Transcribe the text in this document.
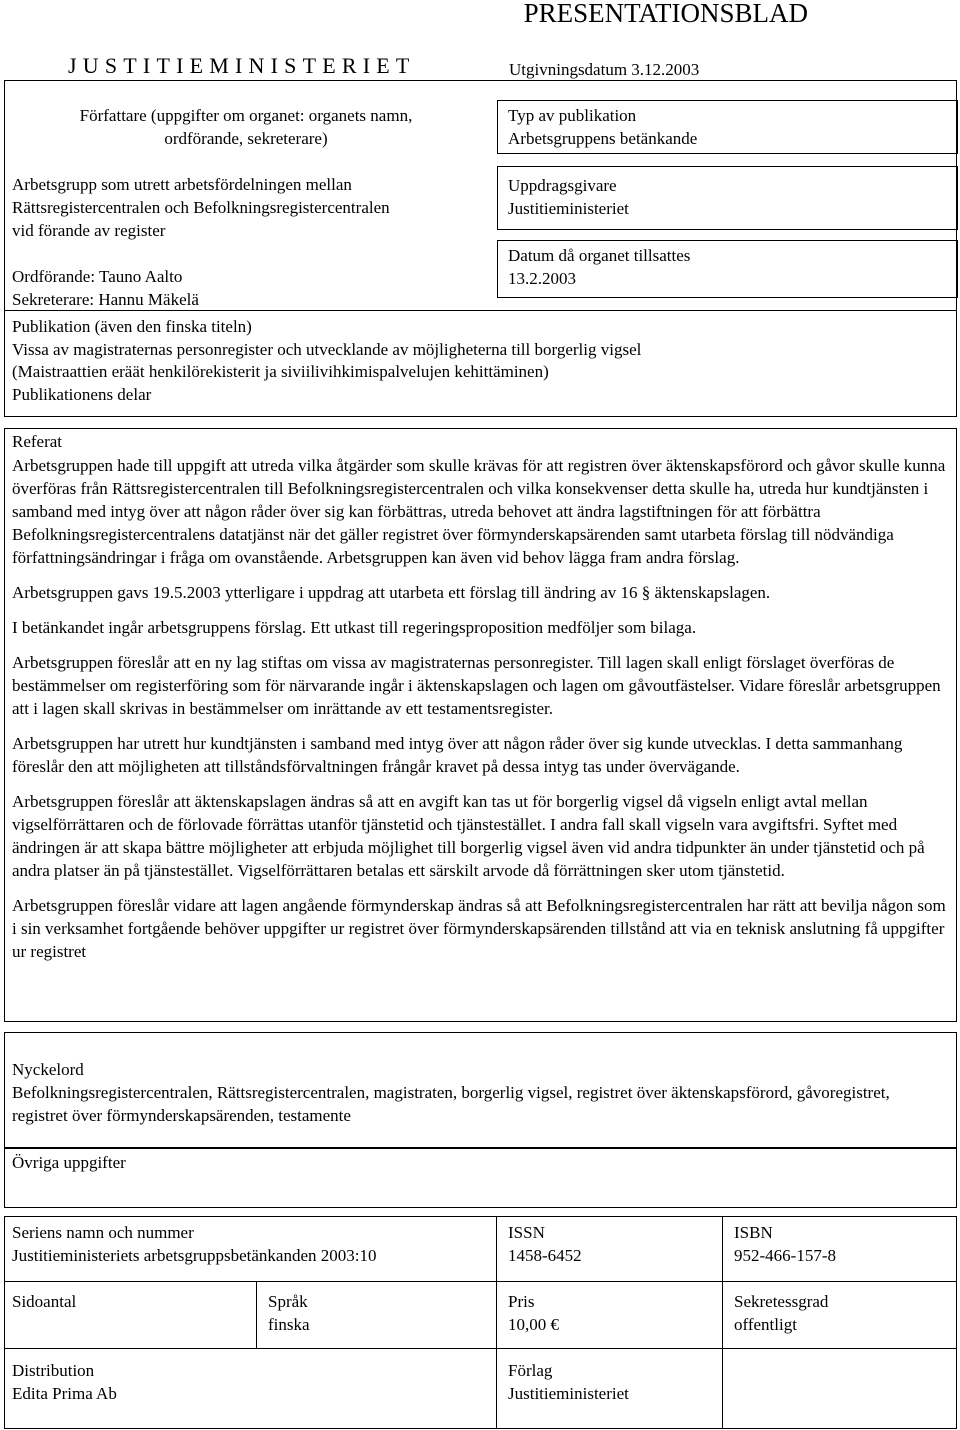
PRESENTATIONSBLAD
JUSTITIEMINISTERIET	Utgivningsdatum 3.12.2003

Författare (uppgifter om organet: organets namn,

ordförande, sekreterare)

Arbetsgrupp som utrett arbetsfördelningen mellan

Rättsregistercentralen och Befolkningsregistercentralen

vid förande av register

Ordförande: Tauno Aalto
Sekreterare: Hannu Mäkelä
Typ av publikation
Arbetsgruppens betänkande
Uppdragsgivare
Justitieministeriet
Datum då organet tillsattes
13.2.2003
Publikation (även den finska titeln)
Vissa av magistraternas personregister och utvecklande av möjligheterna till borgerlig vigsel
(Maistraattien eräät henkilörekisterit ja siviilivihkimispalvelujen kehittäminen)
Publikationens delar
Referat

Arbetsgruppen hade till uppgift att utreda vilka åtgärder som skulle krävas för att registren över äktenskapsförord och gåvor skulle kunna överföras från Rättsregistercentralen till Befolkningsregistercentralen och vilka konsekvenser detta skulle ha, utreda hur kundtjänsten i samband med intyg över att någon råder över sig kan förbättras, utreda behovet att ändra lagstiftningen för att förbättra Befolkningsregistercentralens datatjänst när det gäller registret över förmynderskapsärenden samt utarbeta förslag till nödvändiga författningsändringar i fråga om ovanstående. Arbetsgruppen kan även vid behov lägga fram andra förslag.

Arbetsgruppen gavs 19.5.2003 ytterligare i uppdrag att utarbeta ett förslag till ändring av 16 § äktenskapslagen.

I betänkandet ingår arbetsgruppens förslag. Ett utkast till regeringsproposition medföljer som bilaga.

Arbetsgruppen föreslår att en ny lag stiftas om vissa av magistraternas personregister. Till lagen skall enligt förslaget överföras de bestämmelser om registerföring som för närvarande ingår i äktenskapslagen och lagen om gåvoutfästelser. Vidare föreslår arbetsgruppen att i lagen skall skrivas in bestämmelser om inrättande av ett testamentsregister.

Arbetsgruppen har utrett hur kundtjänsten i samband med intyg över att någon råder över sig kunde utvecklas. I detta sammanhang föreslår den att möjligheten att tillståndsförvaltningen frångår kravet på dessa intyg tas under övervägande.

Arbetsgruppen föreslår att äktenskapslagen ändras så att en avgift kan tas ut för borgerlig vigsel då vigseln enligt avtal mellan vigselförrättaren och de förlovade förrättas utanför tjänstetid och tjänstestället. I andra fall skall vigseln vara avgiftsfri. Syftet med ändringen är att skapa bättre möjligheter att erbjuda möjlighet till borgerlig vigsel även vid andra tidpunkter än under tjänstetid och på andra platser än på tjänstestället. Vigselförrättaren betalas ett särskilt arvode då förrättningen sker utom tjänstetid.

Arbetsgruppen föreslår vidare att lagen angående förmynderskap ändras så att Befolkningsregistercentralen har rätt att bevilja någon som i sin verksamhet fortgående behöver uppgifter ur registret över förmynderskapsärenden tillstånd att via en teknisk anslutning få uppgifter ur registret

Nyckelord
Befolkningsregistercentralen, Rättsregistercentralen, magistraten, borgerlig vigsel, registret över äktenskapsförord, gåvoregistret, registret över förmynderskapsärenden, testamente
Övriga uppgifter

Seriens namn och nummer

Justitieministeriets arbetsgruppsbetänkanden 2003:10

ISSN

1458-6452

ISBN

952-466-157-8

Sidoantal	Språk

finska

Pris

10,00 €

Sekretessgrad

offentligt

Distribution

Edita Prima Ab

Förlag

Justitieministeriet
